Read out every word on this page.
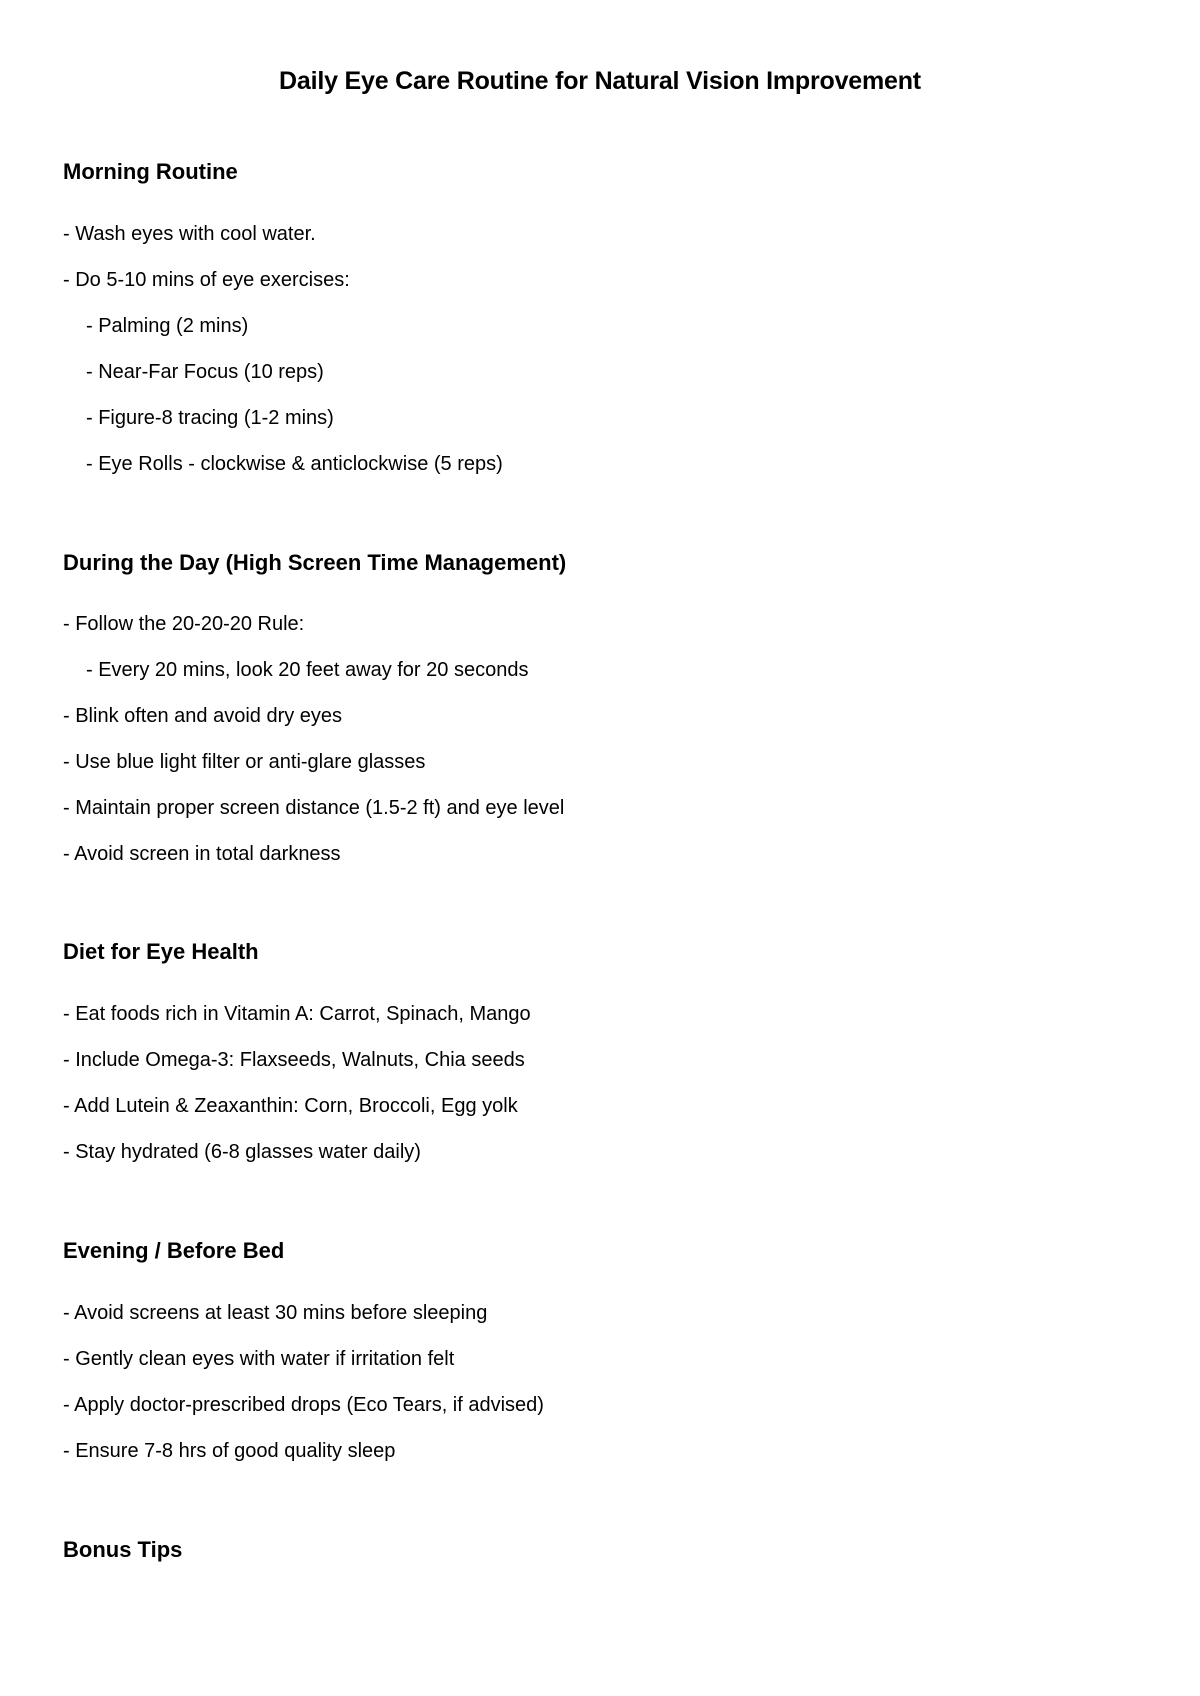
Daily Eye Care Routine for Natural Vision Improvement
Morning Routine
- Wash eyes with cool water.
- Do 5-10 mins of eye exercises:
- Palming (2 mins)
- Near-Far Focus (10 reps)
- Figure-8 tracing (1-2 mins)
- Eye Rolls - clockwise & anticlockwise (5 reps)
During the Day (High Screen Time Management)
- Follow the 20-20-20 Rule:
- Every 20 mins, look 20 feet away for 20 seconds
- Blink often and avoid dry eyes
- Use blue light filter or anti-glare glasses
- Maintain proper screen distance (1.5-2 ft) and eye level
- Avoid screen in total darkness
Diet for Eye Health
- Eat foods rich in Vitamin A: Carrot, Spinach, Mango
- Include Omega-3: Flaxseeds, Walnuts, Chia seeds
- Add Lutein & Zeaxanthin: Corn, Broccoli, Egg yolk
- Stay hydrated (6-8 glasses water daily)
Evening / Before Bed
- Avoid screens at least 30 mins before sleeping
- Gently clean eyes with water if irritation felt
- Apply doctor-prescribed drops (Eco Tears, if advised)
- Ensure 7-8 hrs of good quality sleep
Bonus Tips
